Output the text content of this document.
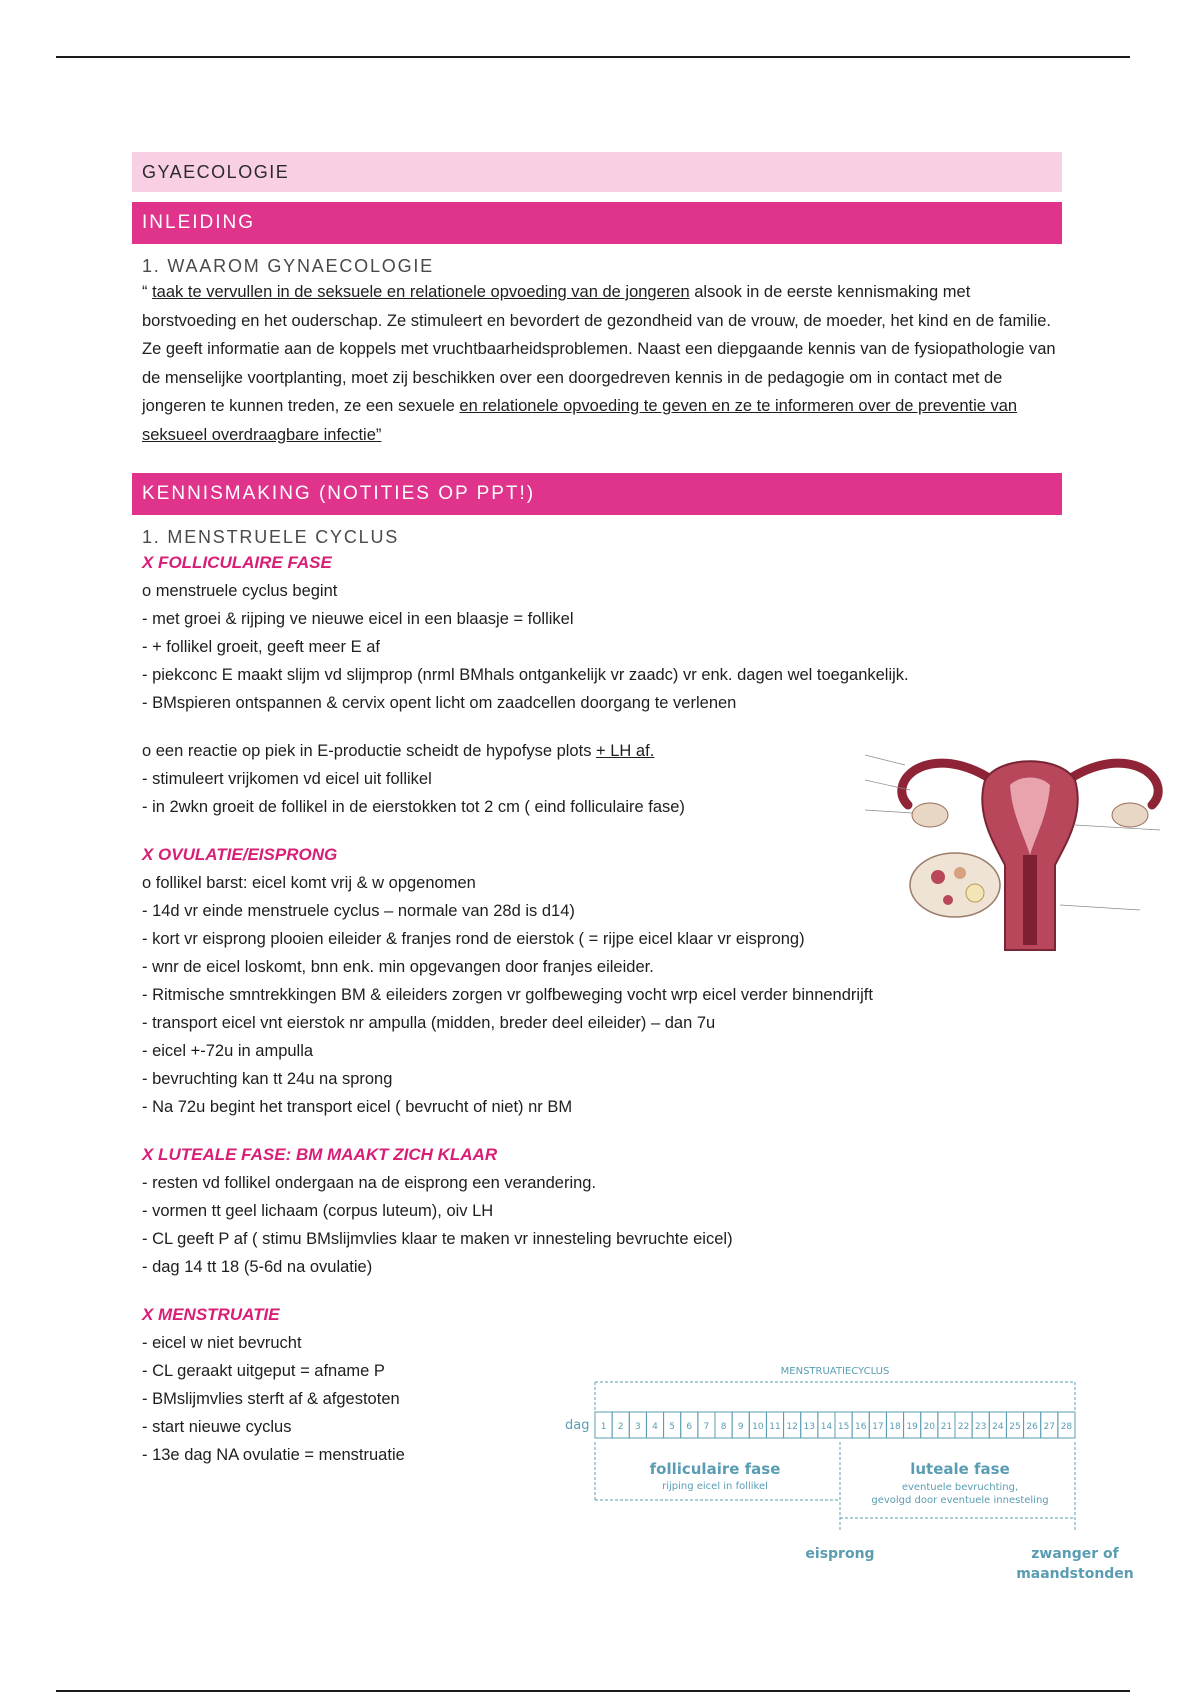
GYAECOLOGIE
INLEIDING
1. WAAROM GYNAECOLOGIE
“ taak te vervullen in de seksuele en relationele opvoeding van de jongeren alsook in de eerste kennismaking met borstvoeding en het ouderschap. Ze stimuleert en bevordert de gezondheid van de vrouw, de moeder, het kind en de familie. Ze geeft informatie aan de koppels met vruchtbaarheidsproblemen. Naast een diepgaande kennis van de fysiopathologie van de menselijke voortplanting, moet zij beschikken over een doorgedreven kennis in de pedagogie om in contact met de jongeren te kunnen treden, ze een sexuele en relationele opvoeding te geven en ze te informeren over de preventie van seksueel overdraagbare infectie”
KENNISMAKING (NOTITIES OP PPT!)
1. MENSTRUELE CYCLUS
X FOLLICULAIRE FASE
o menstruele cyclus begint
- met groei & rijping ve nieuwe eicel in een blaasje = follikel
- + follikel groeit, geeft meer E af
- piekconc E maakt slijm vd slijmprop (nrml BMhals ontgankelijk vr zaadc) vr enk. dagen wel toegankelijk.
- BMspieren ontspannen & cervix opent licht om zaadcellen doorgang te verlenen
o een reactie op piek in E-productie scheidt de hypofyse plots + LH af.
- stimuleert vrijkomen vd eicel uit follikel
- in 2wkn groeit de follikel in de eierstokken tot 2 cm ( eind folliculaire fase)
X OVULATIE/EISPRONG
o follikel barst: eicel komt vrij & w opgenomen
- 14d vr einde menstruele cyclus – normale van 28d is d14)
- kort vr eisprong plooien eileider & franjes rond de eierstok ( = rijpe eicel klaar vr eisprong)
- wnr de eicel loskomt, bnn enk. min opgevangen door franjes eileider.
- Ritmische smntrekkingen BM & eileiders zorgen vr golfbeweging vocht wrp eicel verder binnendrijft
- transport eicel vnt eierstok nr ampulla (midden, breder deel eileider) – dan 7u
- eicel +-72u in ampulla
- bevruchting kan tt 24u na sprong
- Na 72u begint het transport eicel ( bevrucht of niet) nr BM
X LUTEALE FASE: BM MAAKT ZICH KLAAR
- resten vd follikel ondergaan na de eisprong een verandering.
- vormen tt geel lichaam (corpus luteum), oiv LH
- CL geeft P af ( stimu BMslijmvlies klaar te maken vr innesteling bevruchte eicel)
- dag 14 tt 18 (5-6d na ovulatie)
X MENSTRUATIE
- eicel w niet bevrucht
- CL geraakt uitgeput = afname P
- BMslijmvlies sterft af & afgestoten
- start nieuwe cyclus
- 13e dag NA ovulatie = menstruatie
MENSTRUATIECYCLUS
dag 1 2 3 4 5 6 7 8 9 10 11 12 13 14 15 16 17 18 19 20 21 22 23 24 25 26 27 28
folliculaire fase
rijping eicel in follikel
luteale fase
eventuele bevruchting,
gevolgd door eventuele innesteling
eisprong	zwanger of
maandstonden
